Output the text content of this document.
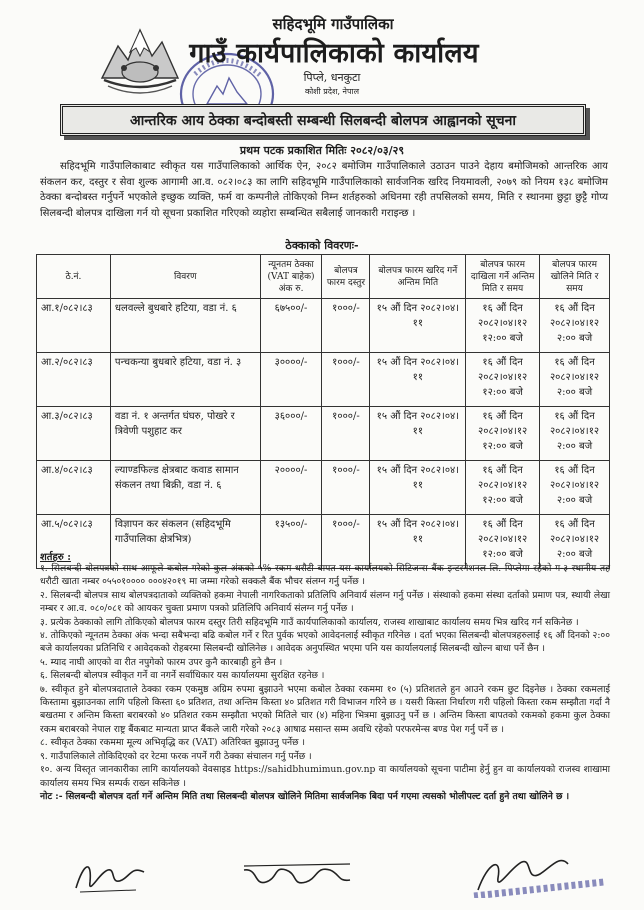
सहिदभूमि गाउँपालिका
गाउँ कार्यपालिकाको कार्यालय
पिप्ले, धनकुटा
कोशी प्रदेश, नेपाल
आन्तरिक आय ठेक्का बन्दोबस्ती सम्बन्धी सिलबन्दी बोलपत्र आह्वानको सूचना
प्रथम पटक प्रकाशित मितिः २०८२/०३/२९
सहिदभूमि गाउँपालिकाबाट स्वीकृत यस गाउँपालिकाको आर्थिक ऐन, २०८२ बमोजिम गाउँपालिकाले उठाउन पाउने देहाय बमोजिमको आन्तरिक आय संकलन कर, दस्तुर र सेवा शुल्क आगामी आ.व. ०८२।०८३ का लागि सहिदभूमि गाउँपालिकाको सार्वजनिक खरिद नियमावली, २०७९ को नियम १३८ बमोजिम ठेक्का बन्दोबस्त गर्नुपर्ने भएकोले इच्छुक व्यक्ति, फर्म वा कम्पनीले तोकिएको निम्न शर्तहरुको अधिनमा रही तपसिलको समय, मिति र स्थानमा छुट्टा छुट्टै गोप्य सिलबन्दी बोलपत्र दाखिला गर्न यो सूचना प्रकाशित गरिएको व्यहोरा सम्बन्धित सबैलाई जानकारी गराइन्छ ।
ठेक्काको विवरणः-
ठे.नं.	विवरण	न्यूनतम ठेक्का (VAT बाहेक) अंक रु.	बोलपत्र फारम दस्तुर	बोलपत्र फारम खरिद गर्ने अन्तिम मिति	बोलपत्र फारम दाखिला गर्ने अन्तिम मिति र समय	बोलपत्र फारम खोलिने मिति र समय
आ.१/०८२।८३	धलवल्ले बुधबारे हटिया, वडा नं. ६	६७५००/-	१०००/-	१५ औं दिन २०८२।०४।११	१६ औं दिन २०८२।०४।१२ १२:०० बजे	१६ औं दिन २०८२।०४।१२ २:०० बजे
आ.२/०८२।८३	पन्चकन्या बुधबारे हटिया, वडा नं. ३	३००००/-	१०००/-	१५ औं दिन २०८२।०४।११	१६ औं दिन २०८२।०४।१२ १२:०० बजे	१६ औं दिन २०८२।०४।१२ २:०० बजे
आ.३/०८२।८३	वडा नं. १ अन्तर्गत घंघरु, पोखरे र त्रिवेणी पशुहाट कर	३६०००/-	१०००/-	१५ औं दिन २०८२।०४।११	१६ औं दिन २०८२।०४।१२ १२:०० बजे	१६ औं दिन २०८२।०४।१२ २:०० बजे
आ.४/०८२।८३	ल्याण्डफिल्ड क्षेत्रबाट कवाड सामान संकलन तथा बिक्री, वडा नं. ६	२००००/-	१०००/-	१५ औं दिन २०८२।०४।११	१६ औं दिन २०८२।०४।१२ १२:०० बजे	१६ औं दिन २०८२।०४।१२ २:०० बजे
आ.५/०८२।८३	विज्ञापन कर संकलन (सहिदभूमि गाउँपालिका क्षेत्रभित्र)	१३५००/-	१०००/-	१५ औं दिन २०८२।०४।११	१६ औं दिन २०८२।०४।१२ १२:०० बजे	१६ औं दिन २०८२।०४।१२ २:०० बजे
शर्तहरु :

१. सिलबन्दी बोलपत्रको साथ आफूले कबोल गरेको कुल अंकको ५% रकम धरौटी बापत यस कार्यालयको सिटिजन्स बैंक इन्टरनेशनल लि. पिप्लेमा रहेको ग-३ स्थानीय तह धरौटी खाता नम्बर ०५५०१०००० ०००४२०१९ मा जम्मा गरेको सक्कलै बैंक भौचर संलग्न गर्नु पर्नेछ ।

२. सिलबन्दी बोलपत्र साथ बोलपत्रदाताको व्यक्तिको हकमा नेपाली नागरिकताको प्रतिलिपि अनिवार्य संलग्न गर्नु पर्नेछ । संस्थाको हकमा संस्था दर्ताको प्रमाण पत्र, स्थायी लेखा नम्बर र आ.व. ०८०/०८१ को आयकर चुक्ता प्रमाण पत्रको प्रतिलिपि अनिवार्य संलग्न गर्नु पर्नेछ ।

३. प्रत्येक ठेक्काको लागि तोकिएको बोलपत्र फारम दस्तुर तिरी सहिदभूमि गाउँ कार्यपालिकाको कार्यालय, राजस्व शाखाबाट कार्यालय समय भित्र खरिद गर्न सकिनेछ ।

४. तोकिएको न्यूनतम ठेक्का अंक भन्दा सबैभन्दा बढि कबोल गर्ने र रित पुर्वक भएको आवेदनलाई स्वीकृत गरिनेछ । दर्ता भएका सिलबन्दी बोलपत्रहरुलाई १६ औं दिनको २:०० बजे कार्यालयका प्रतिनिधि र आवेदकको रोहबरमा सिलबन्दी खोलिनेछ । आवेदक अनुपस्थित भएमा पनि यस कार्यालयलाई सिलबन्दी खोल्न बाधा पर्ने छैन ।

५. म्याद नाघी आएको वा रीत नपुगेको फारम उपर कुनै कारबाही हुने छैन ।

६. सिलबन्दी बोलपत्र स्वीकृत गर्ने वा नगर्ने सर्वाधिकार यस कार्यालयमा सुरक्षित रहनेछ ।

७. स्वीकृत हुने बोलपत्रदाताले ठेक्का रकम एकमुष्ठ अग्रिम रुपमा बुझाउने भएमा कबोल ठेक्का रकममा १० (५) प्रतिशतले हुन आउने रकम छुट दिइनेछ । ठेक्का रकमलाई किस्तामा बुझाउनका लागि पहिलो किस्ता ६० प्रतिशत, तथा अन्तिम किस्ता ४० प्रतिशत गरी विभाजन गरिने छ । यसरी किस्ता निर्धारण गरी पहिलो किस्ता रकम सम्झौता गर्दा नै बखतमा र अन्तिम किस्ता बराबरको ४० प्रतिशत रकम सम्झौता भएको मितिले चार (४) महिना भित्रमा बुझाउनु पर्ने छ । अन्तिम किस्ता बापतको रकमको हकमा कुल ठेक्का रकम बराबरको नेपाल राष्ट्र बैंकबाट मान्यता प्राप्त बैंकले जारी गरेको २०८३ आषाढ मसान्त सम्म अवधि रहेको परफरमेन्स बण्ड पेश गर्नु पर्ने छ ।

८. स्वीकृत ठेक्का रकममा मूल्य अभिवृद्धि कर (VAT) अतिरिक्त बुझाउनु पर्नेछ ।

९. गाउँपालिकाले तोकिदिएको दर रेटमा फरक नपर्ने गरी ठेक्का संचालन गर्नु पर्नेछ ।

१०. अन्य विस्तृत जानकारीका लागि कार्यालयको वेवसाइड https://sahidbhumimun.gov.np वा कार्यालयको सूचना पाटीमा हेर्नु हुन वा कार्यालयको राजस्व शाखामा कार्यालय समय भित्र सम्पर्क राख्न सकिनेछ ।

नोट :- सिलबन्दी बोलपत्र दर्ता गर्ने अन्तिम मिति तथा सिलबन्दी बोलपत्र खोलिने मितिमा सार्वजनिक बिदा पर्न गएमा त्यसको भोलीपल्ट दर्ता हुने तथा खोलिने छ ।
